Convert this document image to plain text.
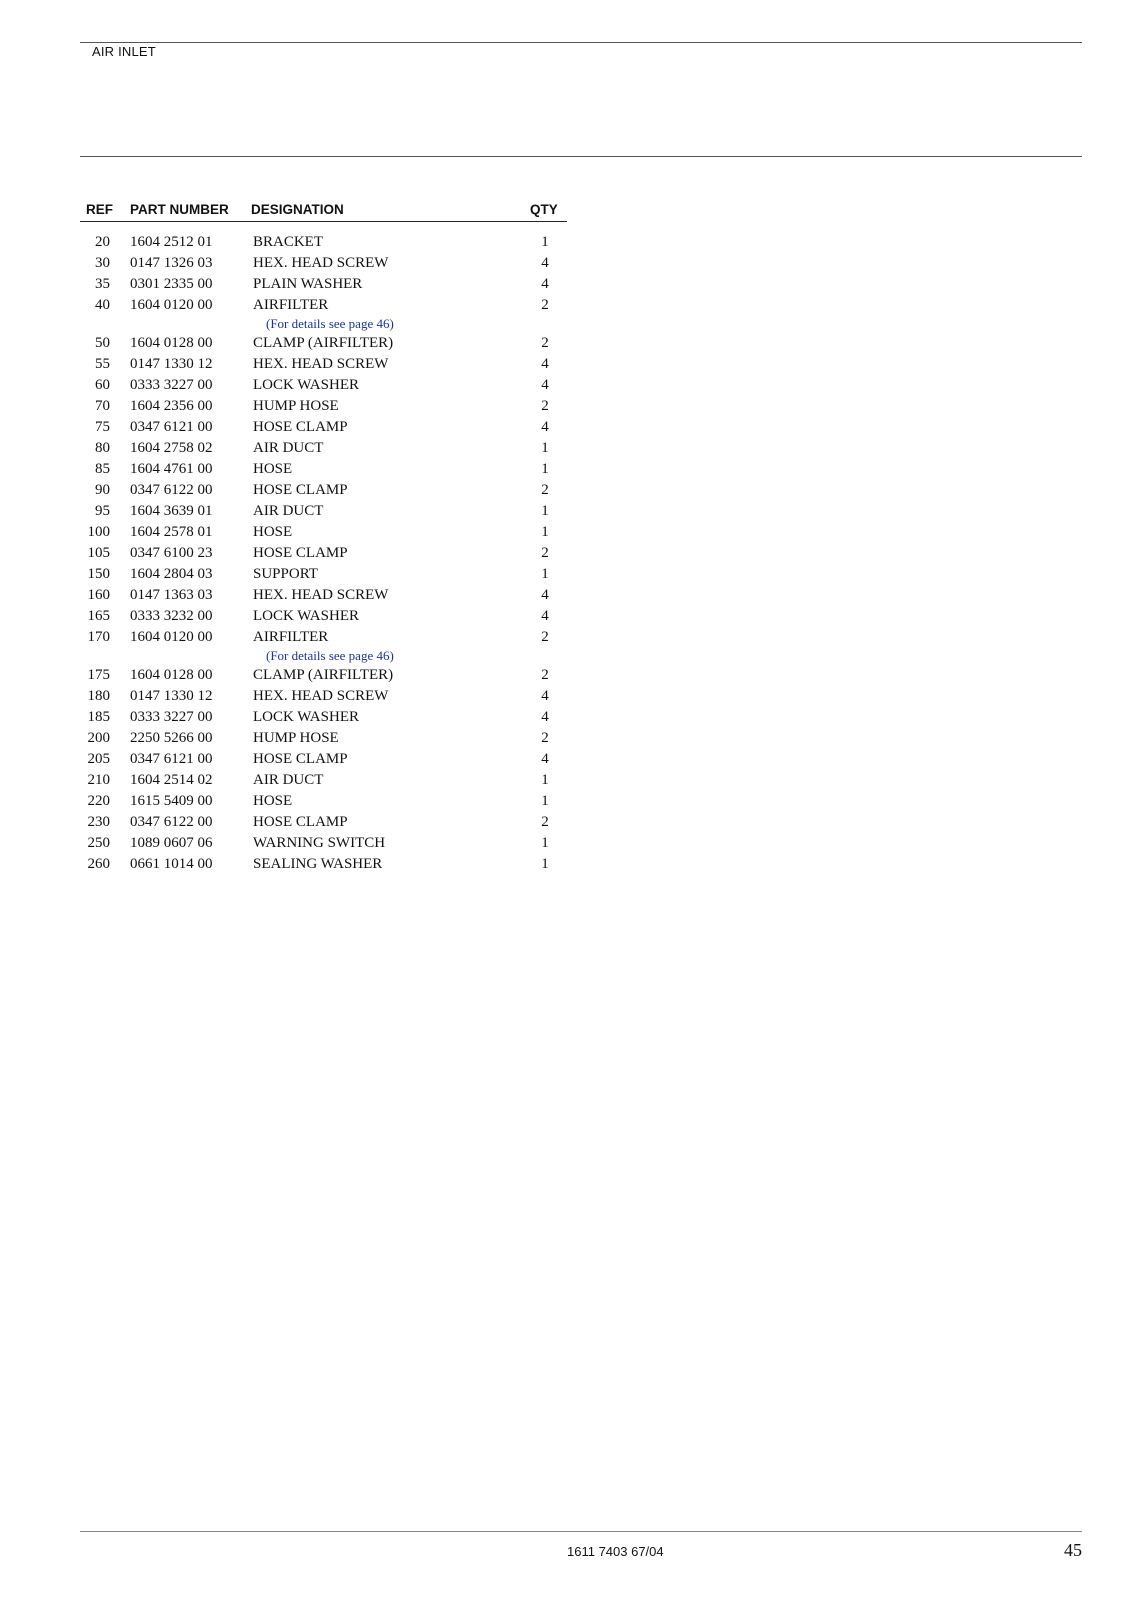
AIR INLET
REF PART NUMBER DESIGNATION	QTY
20 1604 2512 01	BRACKET	1
30 0147 1326 03	HEX. HEAD SCREW	4
35 0301 2335 00	PLAIN WASHER	4
40 1604 0120 00	AIRFILTER	2
(For details see page 46)
50 1604 0128 00	CLAMP (AIRFILTER)	2
55 0147 1330 12	HEX. HEAD SCREW	4
60 0333 3227 00	LOCK WASHER	4
70 1604 2356 00	HUMP HOSE	2
75 0347 6121 00	HOSE CLAMP	4
80 1604 2758 02	AIR DUCT	1
85 1604 4761 00	HOSE	1
90 0347 6122 00	HOSE CLAMP	2
95 1604 3639 01	AIR DUCT	1
100 1604 2578 01	HOSE	1
105 0347 6100 23	HOSE CLAMP	2
150 1604 2804 03	SUPPORT	1
160 0147 1363 03	HEX. HEAD SCREW	4
165 0333 3232 00	LOCK WASHER	4
170 1604 0120 00	AIRFILTER	2
(For details see page 46)
175 1604 0128 00	CLAMP (AIRFILTER)	2
180 0147 1330 12	HEX. HEAD SCREW	4
185 0333 3227 00	LOCK WASHER	4
200 2250 5266 00	HUMP HOSE	2
205 0347 6121 00	HOSE CLAMP	4
210 1604 2514 02	AIR DUCT	1
220 1615 5409 00	HOSE	1
230 0347 6122 00	HOSE CLAMP	2
250 1089 0607 06	WARNING SWITCH	1
260 0661 1014 00	SEALING WASHER	1
1611 7403 67/04	45
